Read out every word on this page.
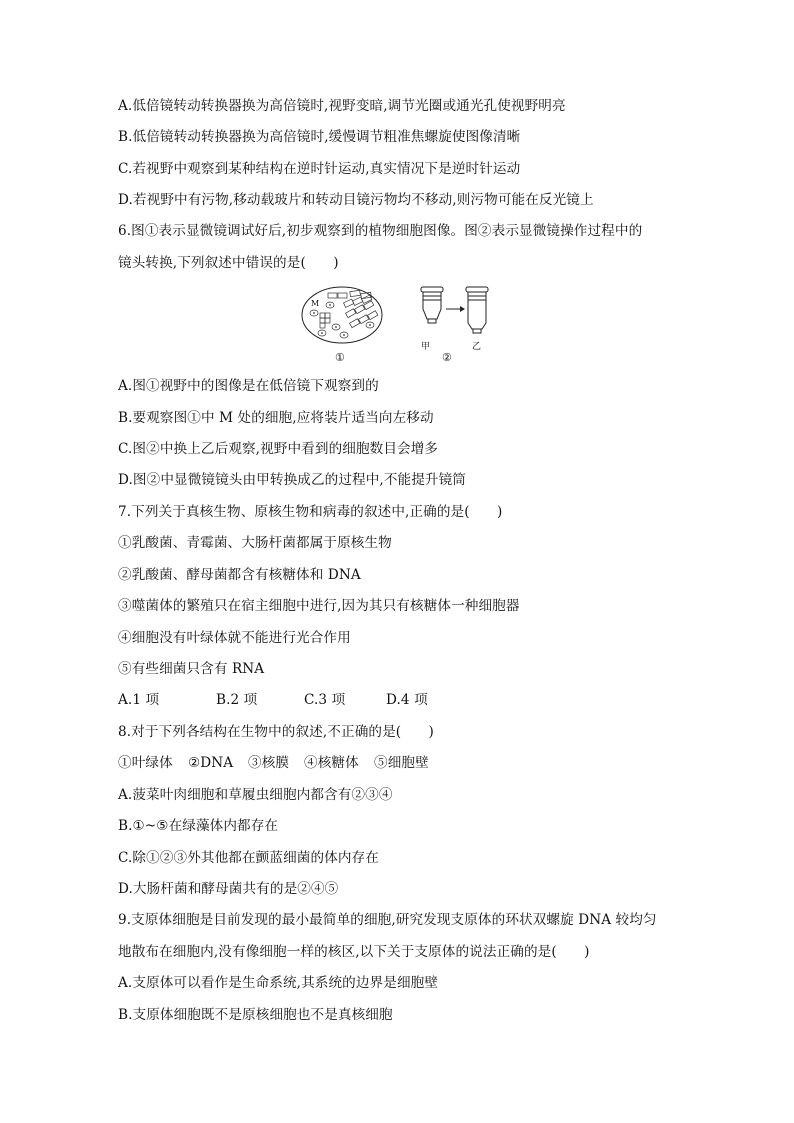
A.低倍镜转动转换器换为高倍镜时,视野变暗,调节光圈或通光孔使视野明亮
B.低倍镜转动转换器换为高倍镜时,缓慢调节粗准焦螺旋使图像清晰
C.若视野中观察到某种结构在逆时针运动,真实情况下是逆时针运动
D.若视野中有污物,移动载玻片和转动目镜污物均不移动,则污物可能在反光镜上
6.图①表示显微镜调试好后,初步观察到的植物细胞图像。图②表示显微镜操作过程中的
镜头转换,下列叙述中错误的是(　　)
M
①
甲
②
乙
A.图①视野中的图像是在低倍镜下观察到的
B.要观察图①中 M 处的细胞,应将装片适当向左移动
C.图②中换上乙后观察,视野中看到的细胞数目会增多
D.图②中显微镜镜头由甲转换成乙的过程中,不能提升镜筒
7.下列关于真核生物、原核生物和病毒的叙述中,正确的是(　　)
①乳酸菌、青霉菌、大肠杆菌都属于原核生物
②乳酸菌、酵母菌都含有核糖体和 DNA
③噬菌体的繁殖只在宿主细胞中进行,因为其只有核糖体一种细胞器
④细胞没有叶绿体就不能进行光合作用
⑤有些细菌只含有 RNA
A.1 项	B.2 项	C.3 项	D.4 项
8.对于下列各结构在生物中的叙述,不正确的是(　　)
①叶绿体 ②DNA ③核膜 ④核糖体 ⑤细胞壁
A.菠菜叶肉细胞和草履虫细胞内都含有②③④
B.①~⑤在绿藻体内都存在
C.除①②③外其他都在颤蓝细菌的体内存在
D.大肠杆菌和酵母菌共有的是②④⑤
9.支原体细胞是目前发现的最小最简单的细胞,研究发现支原体的环状双螺旋 DNA 较均匀
地散布在细胞内,没有像细胞一样的核区,以下关于支原体的说法正确的是(　　)
A.支原体可以看作是生命系统,其系统的边界是细胞壁
B.支原体细胞既不是原核细胞也不是真核细胞
